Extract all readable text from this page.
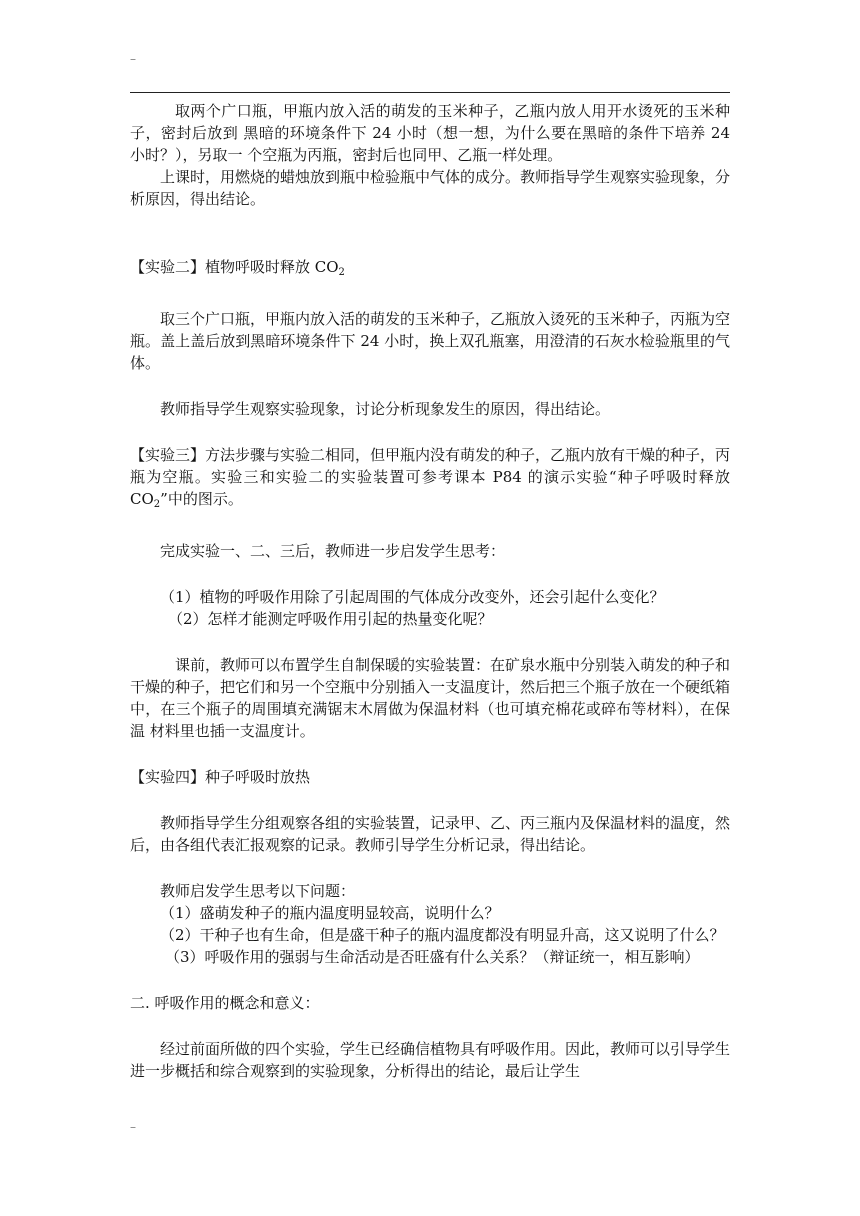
–

取两个广口瓶，甲瓶内放入活的萌发的玉米种子，乙瓶内放人用开水烫死的玉米种子，密封后放到 黑暗的环境条件下 24 小时（想一想，为什么要在黑暗的条件下培养 24 小时？），另取一 个空瓶为丙瓶，密封后也同甲、乙瓶一样处理。

上课时，用燃烧的蜡烛放到瓶中检验瓶中气体的成分。教师指导学生观察实验现象，分析原因，得出结论。

【实验二】植物呼吸时释放 $CO_2$

取三个广口瓶，甲瓶内放入活的萌发的玉米种子，乙瓶放入烫死的玉米种子，丙瓶为空瓶。盖上盖后放到黑暗环境条件下 24 小时，换上双孔瓶塞，用澄清的石灰水检验瓶里的气体。

教师指导学生观察实验现象，讨论分析现象发生的原因，得出结论。

【实验三】方法步骤与实验二相同，但甲瓶内没有萌发的种子，乙瓶内放有干燥的种子，丙瓶为空瓶。实验三和实验二的实验装置可参考课本 P84 的演示实验“种子呼吸时释放 $CO_2$”中的图示。

完成实验一、二、三后，教师进一步启发学生思考：

（1）植物的呼吸作用除了引起周围的气体成分改变外，还会引起什么变化？

（2）怎样才能测定呼吸作用引起的热量变化呢？

课前，教师可以布置学生自制保暖的实验装置：在矿泉水瓶中分别装入萌发的种子和干燥的种子，把它们和另一个空瓶中分别插入一支温度计，然后把三个瓶子放在一个硬纸箱中，在三个瓶子的周围填充满锯末木屑做为保温材料（也可填充棉花或碎布等材料），在保温 材料里也插一支温度计。

【实验四】种子呼吸时放热

教师指导学生分组观察各组的实验装置，记录甲、乙、丙三瓶内及保温材料的温度，然后，由各组代表汇报观察的记录。教师引导学生分析记录，得出结论。

教师启发学生思考以下问题：

（1）盛萌发种子的瓶内温度明显较高，说明什么？

（2）干种子也有生命，但是盛干种子的瓶内温度都没有明显升高，这又说明了什么？

（3）呼吸作用的强弱与生命活动是否旺盛有什么关系？（辩证统一，相互影响）

二. 呼吸作用的概念和意义：

经过前面所做的四个实验，学生已经确信植物具有呼吸作用。因此，教师可以引导学生进一步概括和综合观察到的实验现象，分析得出的结论，最后让学生

–
